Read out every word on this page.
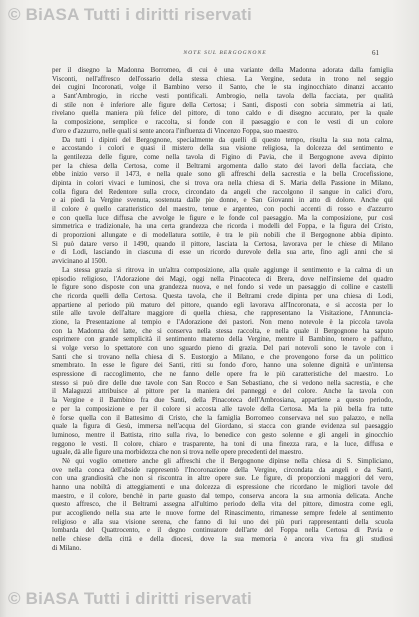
© BiASA Tutti i diritti riservati
NOTE SUL BERGOGNONE	61
per il disegno la Madonna Borromeo, di cui è una variante della Madonna adorata dalla famiglia
Visconti, nell'affresco dell'ossario della stessa chiesa. La Vergine, seduta in trono nel seggio
dei cugini Incoronati, volge il Bambino verso il Santo, che le sta inginocchiato dinanzi accanto
a Sant'Ambrogio, in ricche vesti pontificali. Ambrogio, nella tavola della facciata, per qualità
di stile non è inferiore alle figure della Certosa; i Santi, disposti con sobria simmetria ai lati,
rivelano quella maniera più felice del pittore, di tono caldo e di disegno accurato, per la quale
la composizione, semplice e raccolta, si fonde con il paesaggio e con le vesti di un colore
d'oro e d'azzurro, nelle quali si sente ancora l'influenza di Vincenzo Foppa, suo maestro.
Da tutti i dipinti del Bergognone, specialmente da quelli di questo tempo, risulta la sua nota calma,
e accostando i colori e quasi il mistero della sua visione religiosa, la dolcezza del sentimento e
la gentilezza delle figure, come nella tavola di Figino di Pavia, che il Bergognone aveva dipinto
per la chiesa della Certosa, come il Beltrami argomenta dallo stato dei lavori della facciata, che
ebbe inizio verso il 1473, e nella quale sono gli affreschi della sacrestia e la bella Crocefissione,
dipinta in colori vivaci e luminosi, che si trova ora nella chiesa di S. Maria della Passione in Milano,
colla figura del Redentore sulla croce, circondato da angeli che raccolgono il sangue in calici d'oro,
e ai piedi la Vergine svenuta, sostenuta dalle pie donne, e San Giovanni in atto di dolore. Anche qui
il colore è quello caratteristico del maestro, tenue e argenteo, con pochi accenti di rosso e d'azzurro
e con quella luce diffusa che avvolge le figure e le fonde col paesaggio. Ma la composizione, pur così
simmetrica e tradizionale, ha una certa grandezza che ricorda i modelli del Foppa, e la figura del Cristo,
di proporzioni allungate e di modellatura sottile, è tra le più nobili che il Bergognone abbia dipinto.
Si può datare verso il 1490, quando il pittore, lasciata la Certosa, lavorava per le chiese di Milano
e di Lodi, lasciando in ciascuna di esse un ricordo durevole della sua arte, fino agli anni che si
avvicinano al 1500.
La stessa grazia si ritrova in un'altra composizione, alla quale aggiunge il sentimento e la calma di un
episodio religioso, l'Adorazione dei Magi, oggi nella Pinacoteca di Brera, dove nell'insieme del quadro
le figure sono disposte con una grandezza nuova, e nel fondo si vede un paesaggio di colline e castelli
che ricorda quelli della Certosa. Questa tavola, che il Beltrami crede dipinta per una chiesa di Lodi,
appartiene al periodo più maturo del pittore, quando egli lavorava all'Incoronata, e si accosta per lo
stile alle tavole dell'altare maggiore di quella chiesa, che rappresentano la Visitazione, l'Annuncia-
zione, la Presentazione al tempio e l'Adorazione dei pastori. Non meno notevole è la piccola tavola
con la Madonna del latte, che si conserva nella stessa raccolta, e nella quale il Bergognone ha saputo
esprimere con grande semplicità il sentimento materno della Vergine, mentre il Bambino, tenero e paffuto,
si volge verso lo spettatore con uno sguardo pieno di grazia. Del pari notevoli sono le tavole con i
Santi che si trovano nella chiesa di S. Eustorgio a Milano, e che provengono forse da un polittico
smembrato. In esse le figure dei Santi, ritti su fondo d'oro, hanno una solenne dignità e un'intensa
espressione di raccoglimento, che ne fanno delle opere fra le più caratteristiche del maestro. Lo
stesso si può dire delle due tavole con San Rocco e San Sebastiano, che si vedono nella sacrestia, e che
il Malaguzzi attribuisce al pittore per la maniera dei panneggi e del colore. Anche la tavola con
la Vergine e il Bambino fra due Santi, della Pinacoteca dell'Ambrosiana, appartiene a questo periodo,
e per la composizione e per il colore si accosta alle tavole della Certosa. Ma la più bella fra tutte
è forse quella con il Battesimo di Cristo, che la famiglia Borromeo conservava nel suo palazzo, e nella
quale la figura di Gesù, immersa nell'acqua del Giordano, si stacca con grande evidenza sul paesaggio
luminoso, mentre il Battista, ritto sulla riva, lo benedice con gesto solenne e gli angeli in ginocchio
reggono le vesti. Il colore, chiaro e trasparente, ha toni di una finezza rara, e la luce, diffusa e
uguale, dà alle figure una morbidezza che non si trova nelle opere precedenti del maestro.
Nè qui voglio omettere anche gli affreschi che il Bergognone dipinse nella chiesa di S. Simpliciano,
ove nella conca dell'abside rappresentò l'Incoronazione della Vergine, circondata da angeli e da Santi,
con una grandiosità che non si riscontra in altre opere sue. Le figure, di proporzioni maggiori del vero,
hanno una nobiltà di atteggiamenti e una dolcezza di espressione che ricordano le migliori tavole del
maestro, e il colore, benchè in parte guasto dal tempo, conserva ancora la sua armonia delicata. Anche
questo affresco, che il Beltrami assegna all'ultimo periodo della vita del pittore, dimostra come egli,
pur accogliendo nella sua arte le nuove forme del Rinascimento, rimanesse sempre fedele al sentimento
religioso e alla sua visione serena, che fanno di lui uno dei più puri rappresentanti della scuola
lombarda del Quattrocento, e il degno continuatore dell'arte del Foppa nella Certosa di Pavia e
nelle chiese della città e della diocesi, dove la sua memoria è ancora viva fra gli studiosi
di Milano.
© BiASA Tutti i diritti riservati
